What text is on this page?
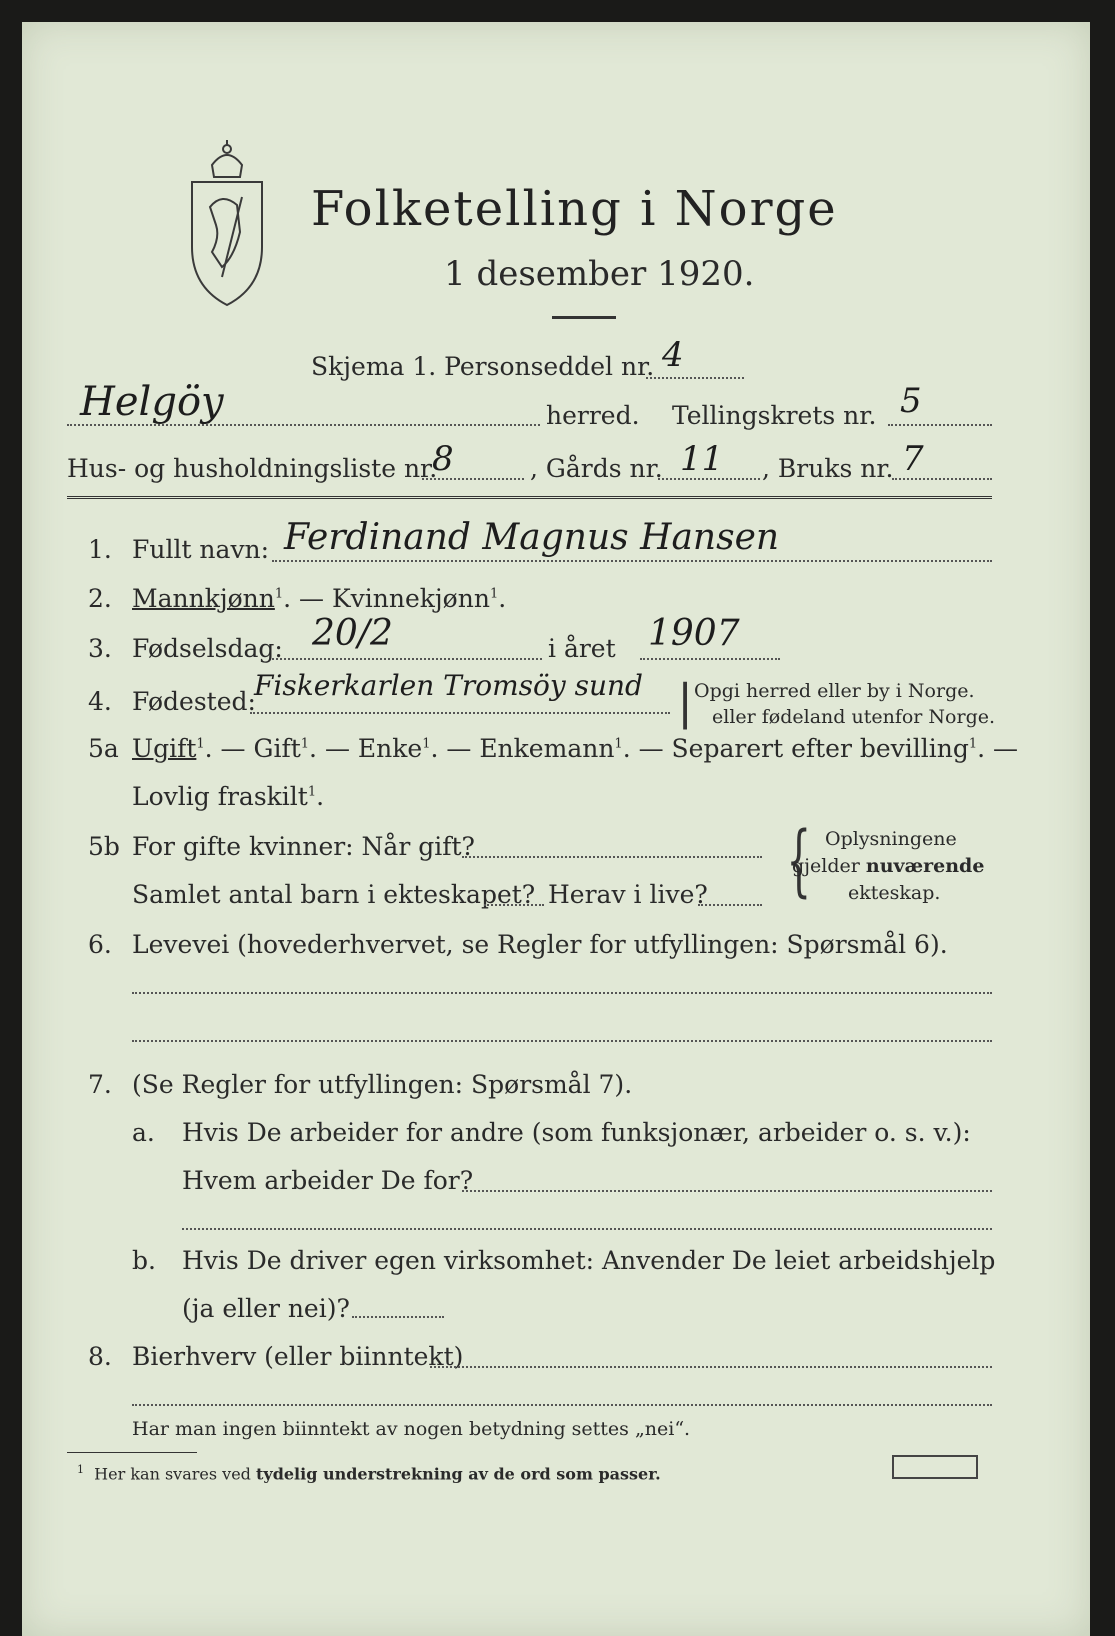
Folketelling i Norge
1 desember 1920.
Skjema 1. Personseddel nr. 4
Helgöy	herred. Tellingskrets nr. 5
Hus- og husholdningsliste nr.
8	, Gårds nr. 11 , Bruks nr. 7
1. Fullt navn: Ferdinand Magnus Hansen
2. Mannkjønn$^1$. — Kvinnekjønn$^1$.
3. Fødselsdag: 20/2	i året 1907
4. Fødested:
Fiskerkarlen Tromsöy sund | Opgi herred eller by i Norge.
eller fødeland utenfor Norge.
5a Ugift$^1$. — Gift$^1$. — Enke$^1$. — Enkemann$^1$. — Separert efter bevilling$^1$. —
Lovlig fraskilt$^1$.
5b For gifte kvinner: Når gift?
Samlet antal barn i ekteskapet? Herav i live? { Oplysningene
gjelder nuværende
ekteskap.
6. Levevei (hovederhvervet, se Regler for utfyllingen: Spørsmål 6).
7. (Se Regler for utfyllingen: Spørsmål 7).
a. Hvis De arbeider for andre (som funksjonær, arbeider o. s. v.):
Hvem arbeider De for?
b. Hvis De driver egen virksomhet: Anvender De leiet arbeidshjelp
(ja eller nei)?
8. Bierhverv (eller biinntekt)
Har man ingen biinntekt av nogen betydning settes „nei“.
$^1$ Her kan svares ved tydelig understrekning av de ord som passer.
